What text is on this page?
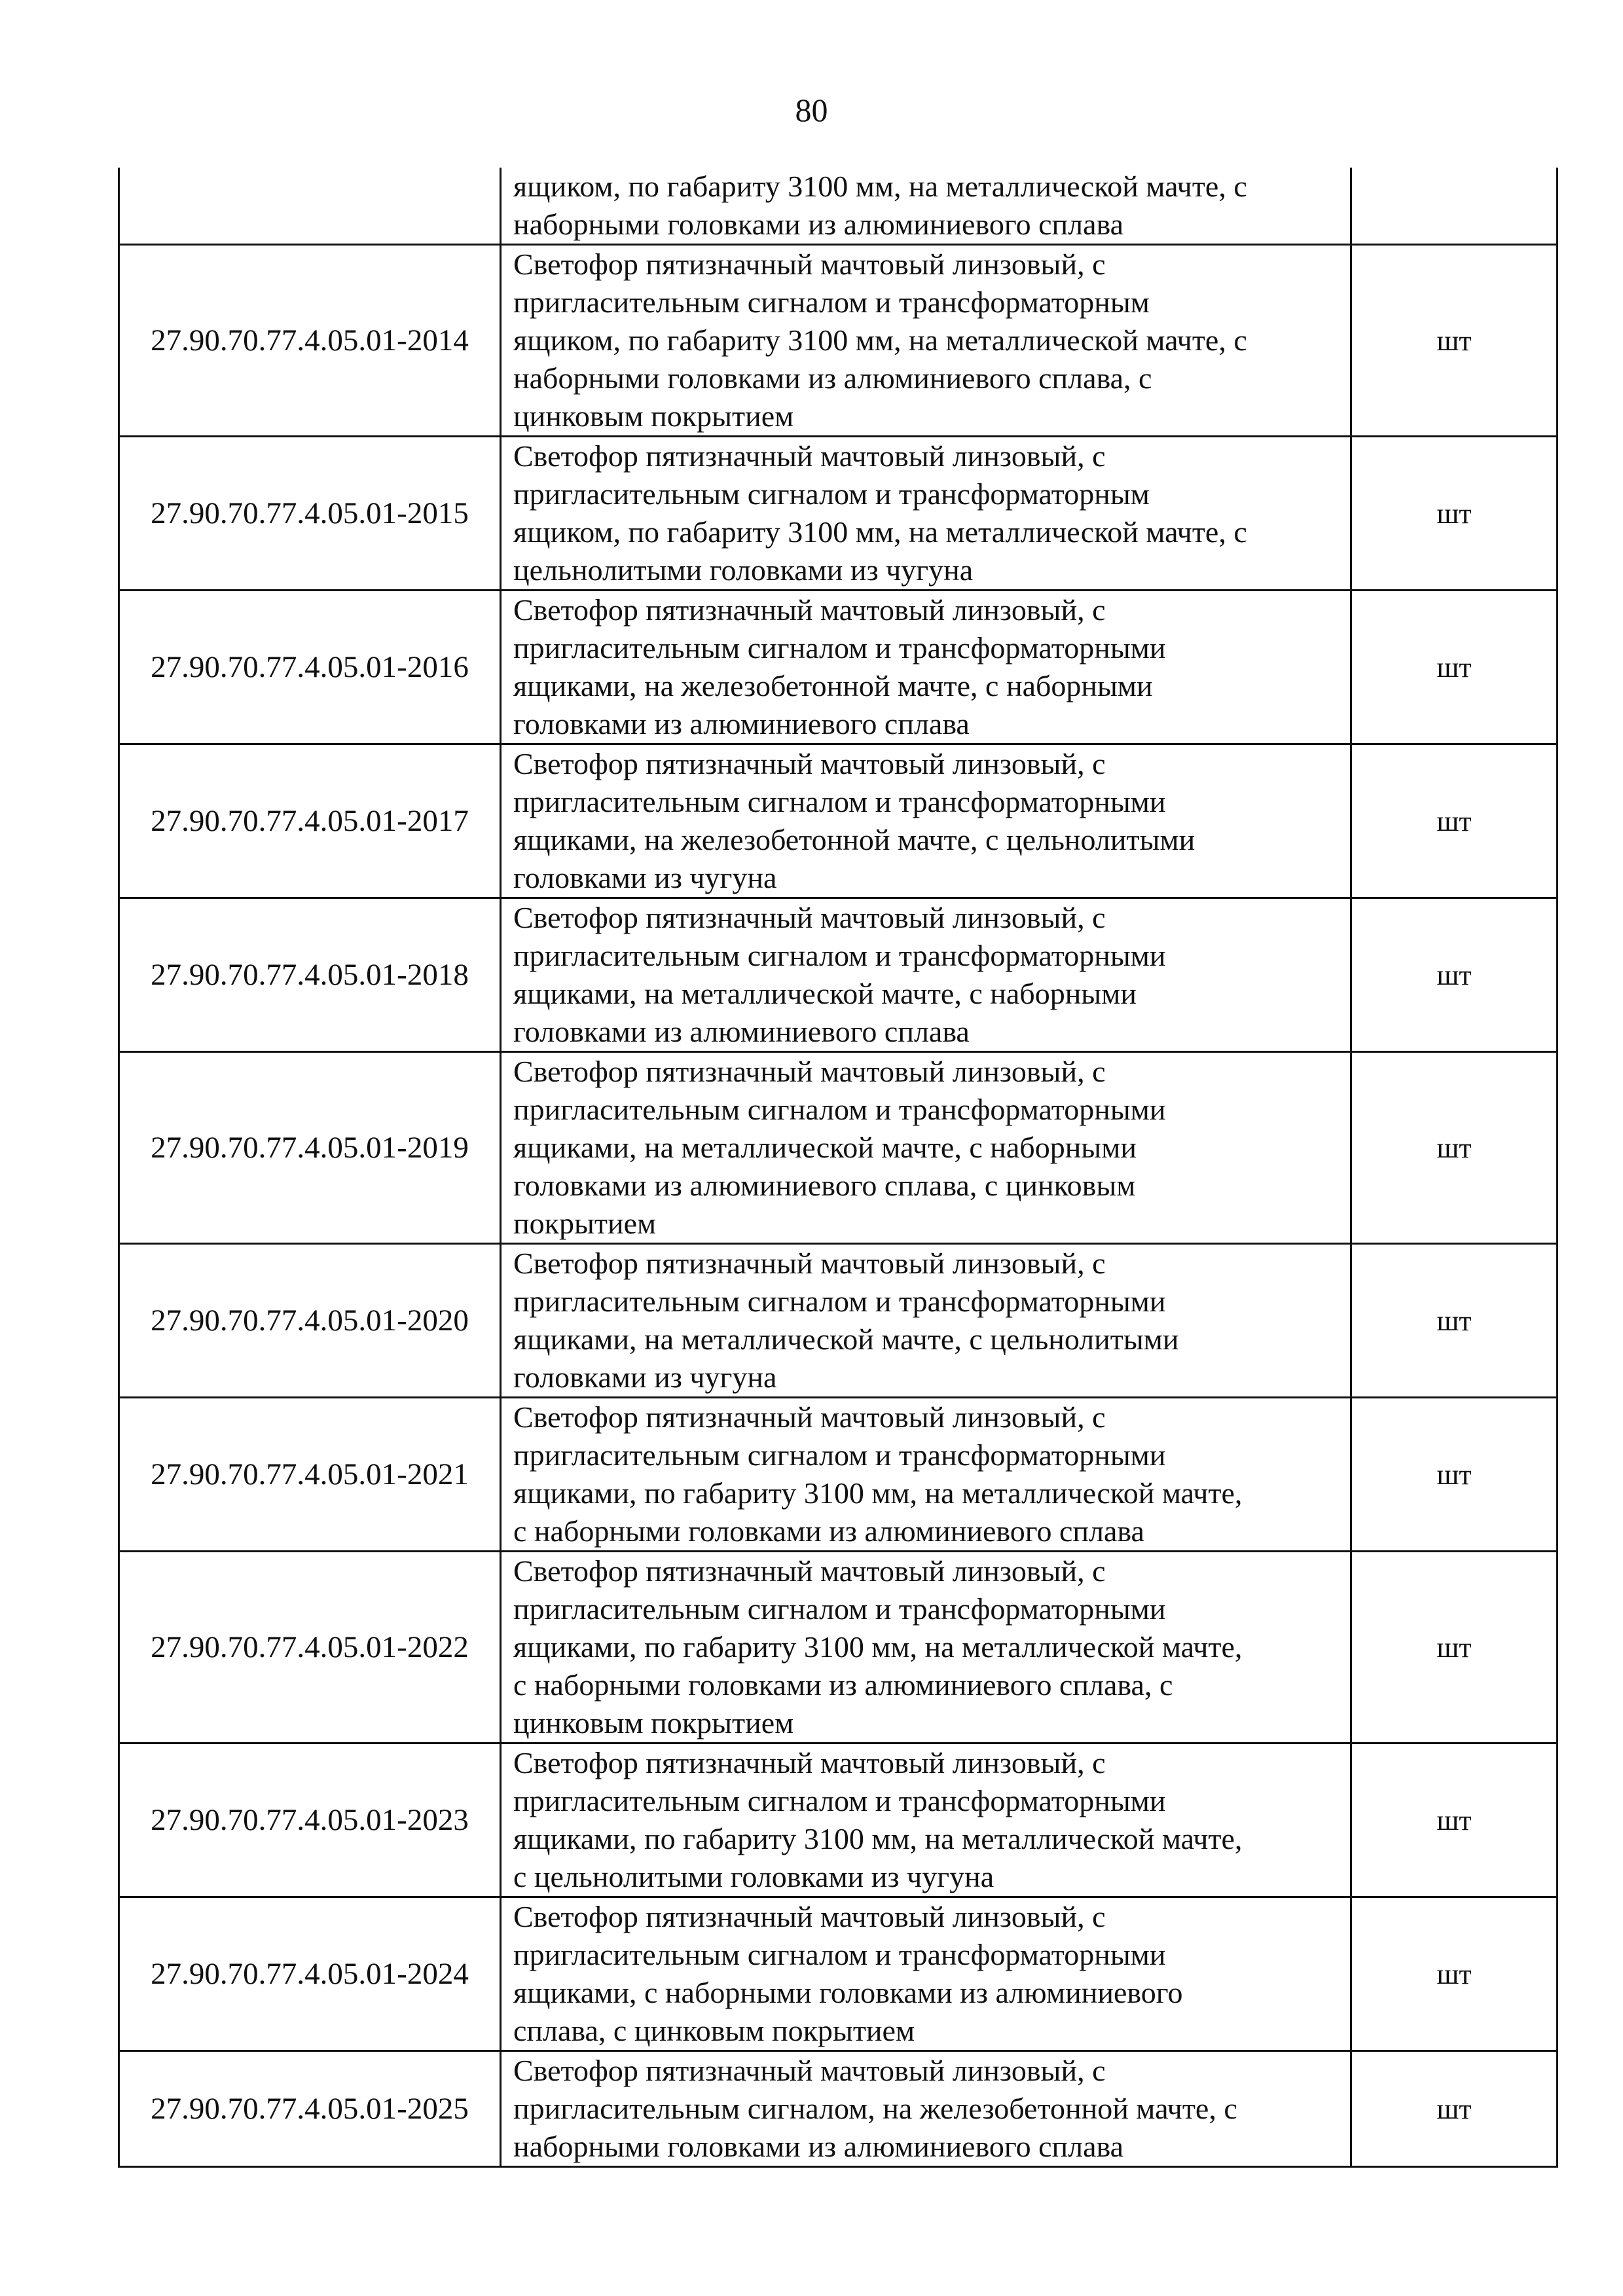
80

	ящиком, по габариту 3100 мм, на металлической мачте, с
наборными головками из алюминиевого сплава	

27.90.70.77.4.05.01-2014	Светофор пятизначный мачтовый линзовый, с
пригласительным сигналом и трансформаторным
ящиком, по габариту 3100 мм, на металлической мачте, с
наборными головками из алюминиевого сплава, с
цинковым покрытием	шт
27.90.70.77.4.05.01-2015	Светофор пятизначный мачтовый линзовый, с
пригласительным сигналом и трансформаторным
ящиком, по габариту 3100 мм, на металлической мачте, с
цельнолитыми головками из чугуна	шт
27.90.70.77.4.05.01-2016	Светофор пятизначный мачтовый линзовый, с
пригласительным сигналом и трансформаторными
ящиками, на железобетонной мачте, с наборными
головками из алюминиевого сплава	шт
27.90.70.77.4.05.01-2017	Светофор пятизначный мачтовый линзовый, с
пригласительным сигналом и трансформаторными
ящиками, на железобетонной мачте, с цельнолитыми
головками из чугуна	шт
27.90.70.77.4.05.01-2018	Светофор пятизначный мачтовый линзовый, с
пригласительным сигналом и трансформаторными
ящиками, на металлической мачте, с наборными
головками из алюминиевого сплава	шт
27.90.70.77.4.05.01-2019	Светофор пятизначный мачтовый линзовый, с
пригласительным сигналом и трансформаторными
ящиками, на металлической мачте, с наборными
головками из алюминиевого сплава, с цинковым
покрытием	шт
27.90.70.77.4.05.01-2020	Светофор пятизначный мачтовый линзовый, с
пригласительным сигналом и трансформаторными
ящиками, на металлической мачте, с цельнолитыми
головками из чугуна	шт
27.90.70.77.4.05.01-2021	Светофор пятизначный мачтовый линзовый, с
пригласительным сигналом и трансформаторными
ящиками, по габариту 3100 мм, на металлической мачте,
с наборными головками из алюминиевого сплава	шт
27.90.70.77.4.05.01-2022	Светофор пятизначный мачтовый линзовый, с
пригласительным сигналом и трансформаторными
ящиками, по габариту 3100 мм, на металлической мачте,
с наборными головками из алюминиевого сплава, с
цинковым покрытием	шт
27.90.70.77.4.05.01-2023	Светофор пятизначный мачтовый линзовый, с
пригласительным сигналом и трансформаторными
ящиками, по габариту 3100 мм, на металлической мачте,
с цельнолитыми головками из чугуна	шт
27.90.70.77.4.05.01-2024	Светофор пятизначный мачтовый линзовый, с
пригласительным сигналом и трансформаторными
ящиками, с наборными головками из алюминиевого
сплава, с цинковым покрытием	шт
27.90.70.77.4.05.01-2025	Светофор пятизначный мачтовый линзовый, с
пригласительным сигналом, на железобетонной мачте, с
наборными головками из алюминиевого сплава	шт
